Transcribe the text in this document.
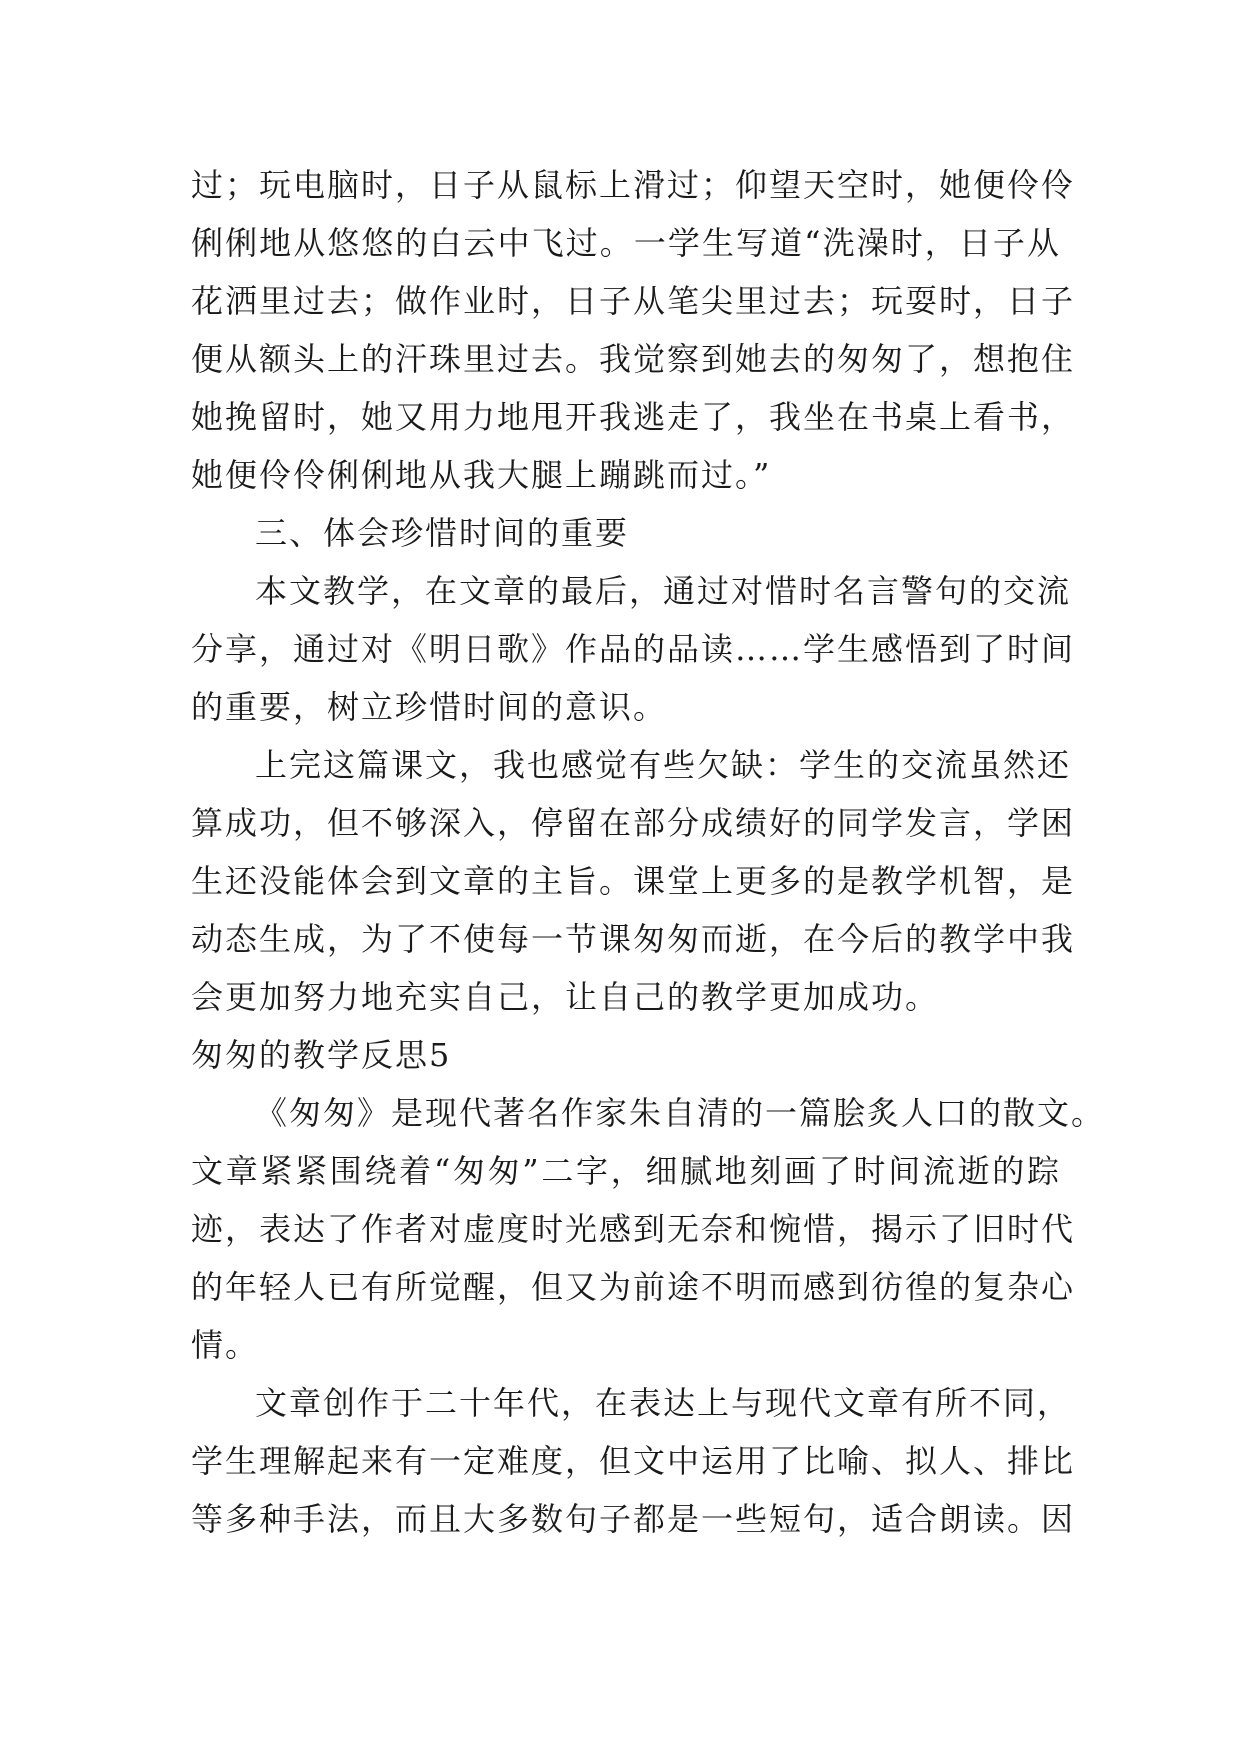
过；玩电脑时，日子从鼠标上滑过；仰望天空时，她便伶伶
俐俐地从悠悠的白云中飞过。一学生写道“洗澡时，日子从
花洒里过去；做作业时，日子从笔尖里过去；玩耍时，日子
便从额头上的汗珠里过去。我觉察到她去的匆匆了，想抱住
她挽留时，她又用力地甩开我逃走了，我坐在书桌上看书，
她便伶伶俐俐地从我大腿上蹦跳而过。”
三、体会珍惜时间的重要
本文教学，在文章的最后，通过对惜时名言警句的交流
分享，通过对《明日歌》作品的品读……学生感悟到了时间
的重要，树立珍惜时间的意识。
上完这篇课文，我也感觉有些欠缺：学生的交流虽然还
算成功，但不够深入，停留在部分成绩好的同学发言，学困
生还没能体会到文章的主旨。课堂上更多的是教学机智，是
动态生成，为了不使每一节课匆匆而逝，在今后的教学中我
会更加努力地充实自己，让自己的教学更加成功。
匆匆的教学反思5
《匆匆》是现代著名作家朱自清的一篇脍炙人口的散文。
文章紧紧围绕着“匆匆”二字，细腻地刻画了时间流逝的踪
迹，表达了作者对虚度时光感到无奈和惋惜，揭示了旧时代
的年轻人已有所觉醒，但又为前途不明而感到彷徨的复杂心
情。
文章创作于二十年代，在表达上与现代文章有所不同，
学生理解起来有一定难度，但文中运用了比喻、拟人、排比
等多种手法，而且大多数句子都是一些短句，适合朗读。因
